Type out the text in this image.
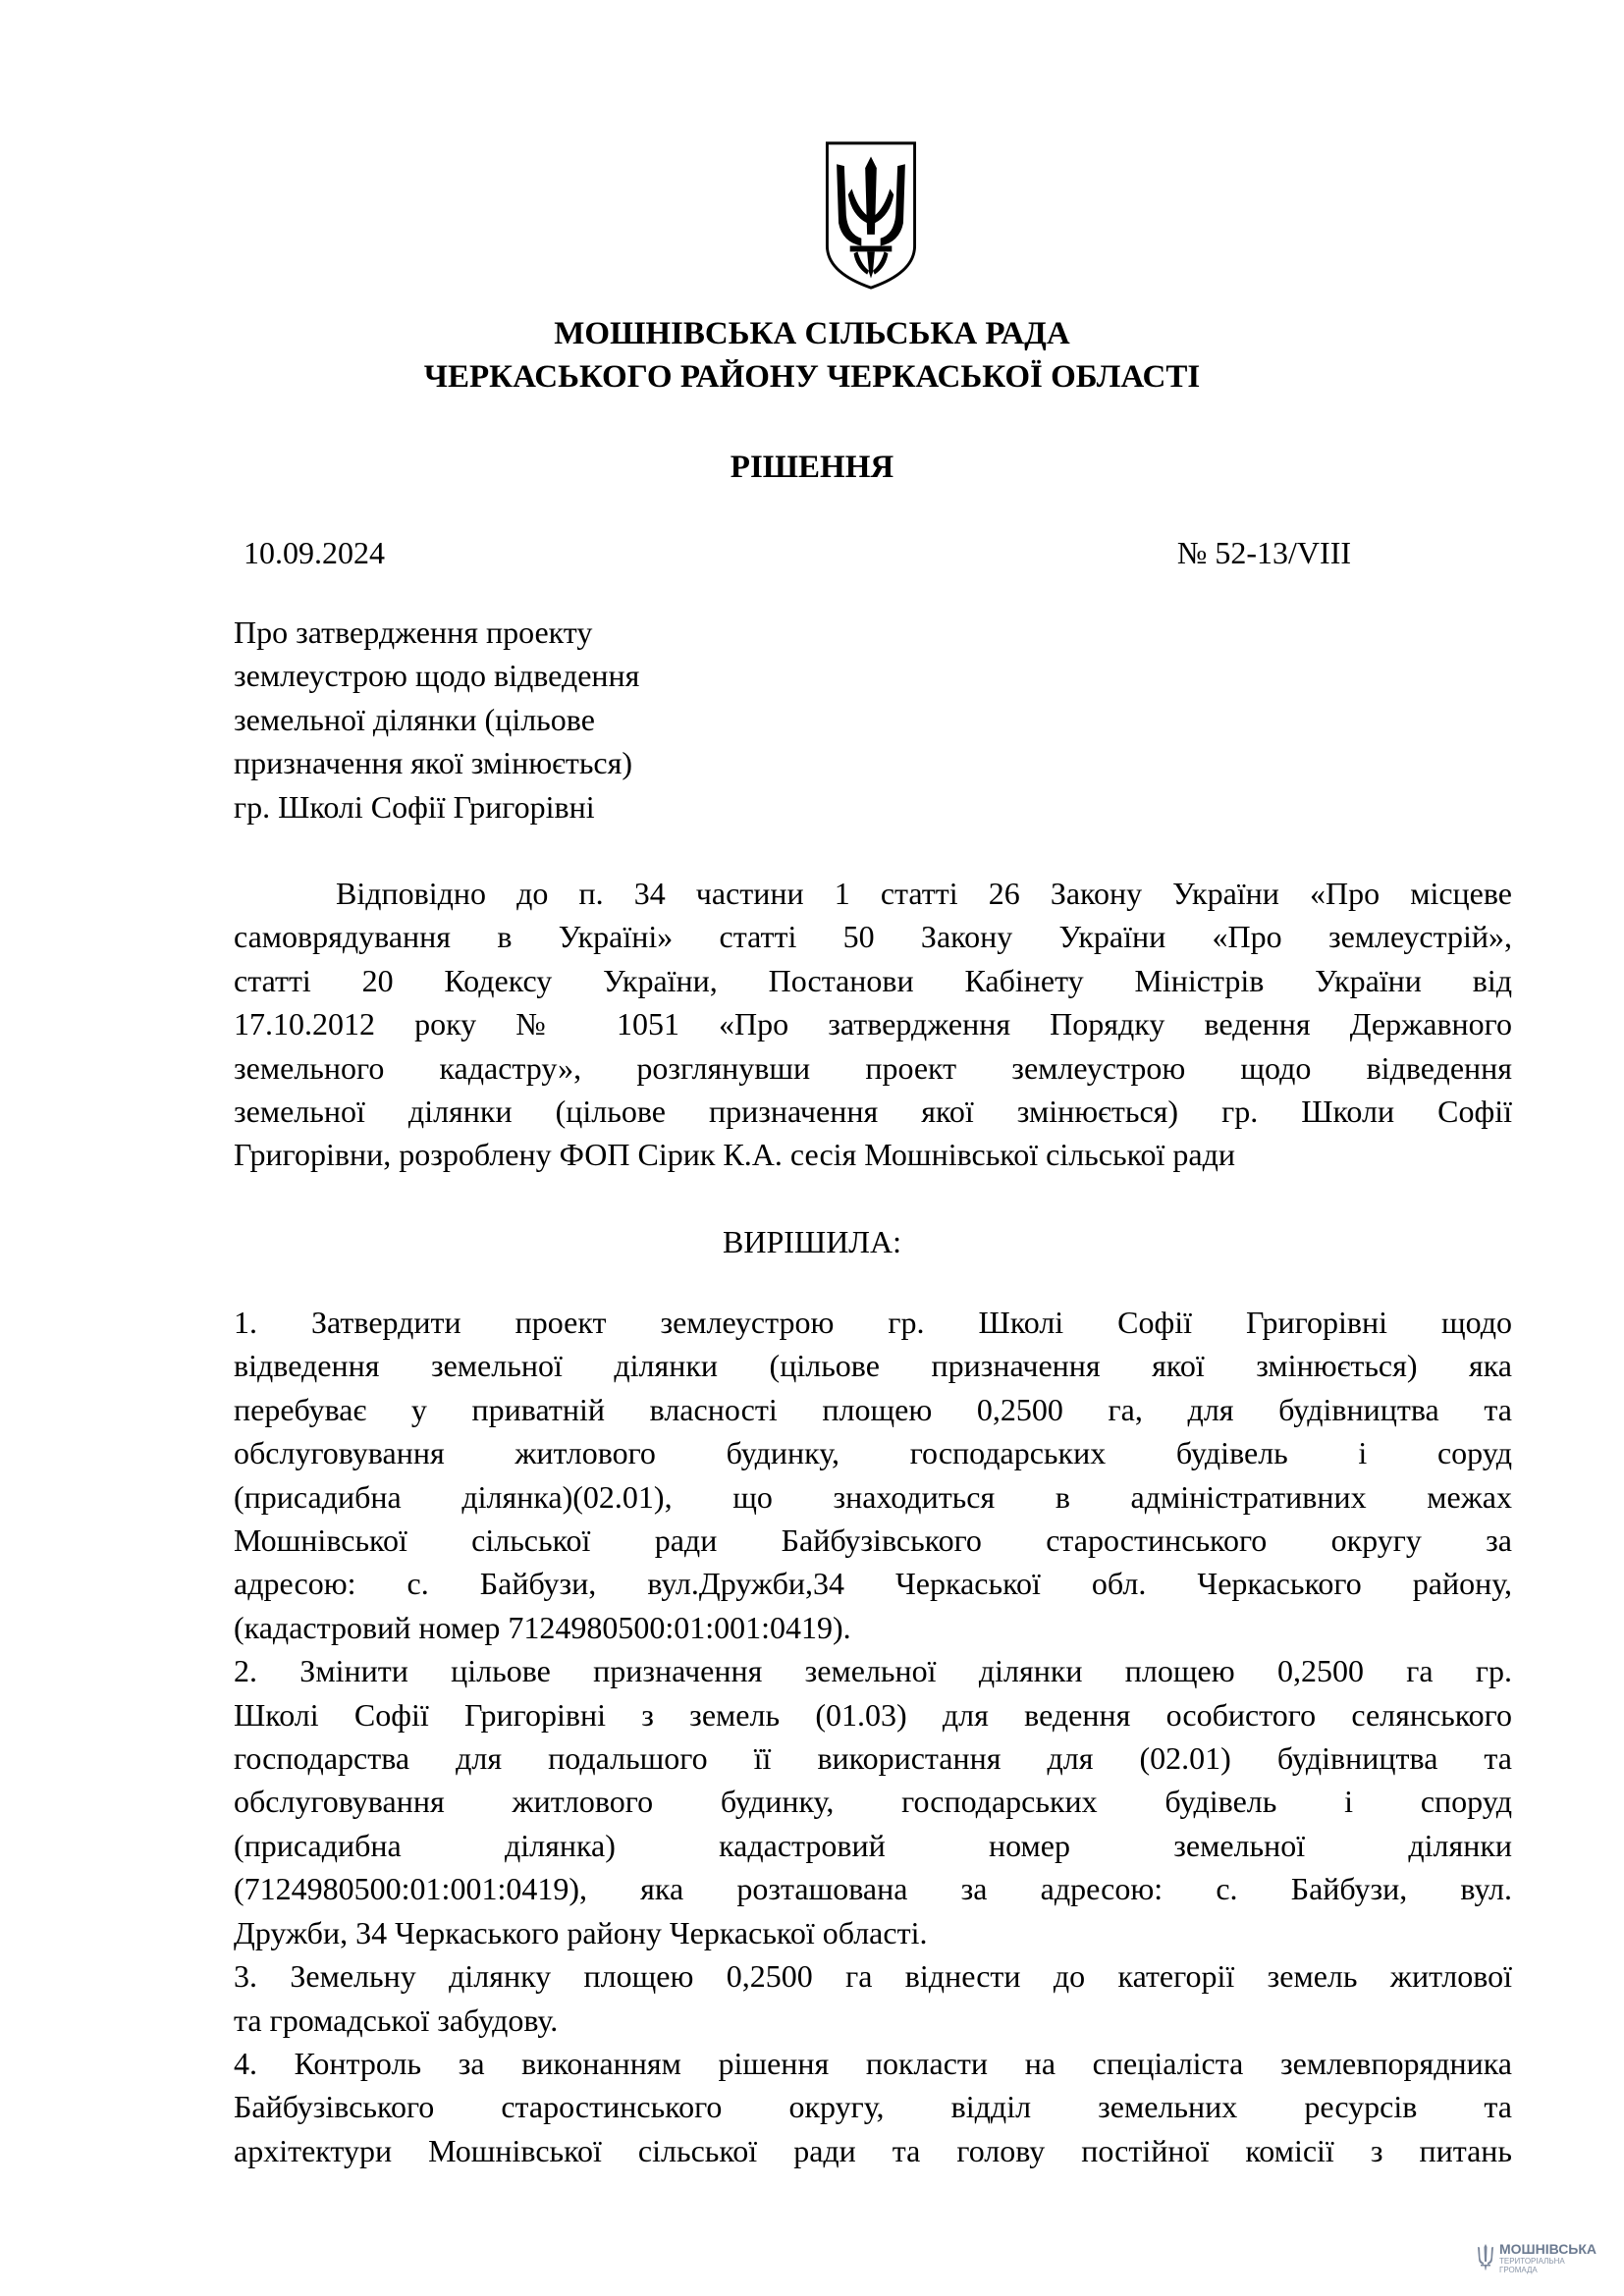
МОШНІВСЬКА СІЛЬСЬКА РАДА

ЧЕРКАСЬКОГО РАЙОНУ ЧЕРКАСЬКОЇ ОБЛАСТІ

РІШЕННЯ

10.09.2024	№ 52-13/VIII

Про затвердження проекту
землеустрою щодо відведення
земельної ділянки (цільове
призначення якої змінюється)
гр. Школі Софії Григорівні
Відповідно до п. 34 частини 1 статті 26 Закону України «Про місцеве
самоврядування в Україні» статті 50 Закону України «Про землеустрій»,
статті 20 Кодексу України, Постанови Кабінету Міністрів України від
17.10.2012 року № 1051 «Про затвердження Порядку ведення Державного
земельного кадастру», розглянувши проект землеустрою щодо відведення
земельної ділянки (цільове призначення якої змінюється) гр. Школи Софії
Григорівни, розроблену ФОП Сірик К.А. сесія Мошнівської сільської ради

ВИРІШИЛА:

1. Затвердити проект землеустрою гр. Школі Софії Григорівні щодо
відведення земельної ділянки (цільове призначення якої змінюється) яка
перебуває у приватній власності площею 0,2500 га, для будівництва та
обслуговування житлового будинку, господарських будівель і соруд
(присадибна ділянка)(02.01), що знаходиться в адміністративних межах
Мошнівської сільської ради Байбузівського старостинського округу за
адресою: с. Байбузи, вул.Дружби,34 Черкаської обл. Черкаського району,
(кадастровий номер 7124980500:01:001:0419).
2. Змінити цільове призначення земельної ділянки площею 0,2500 га гр.
Школі Софії Григорівні з земель (01.03) для ведення особистого селянського
господарства для подальшого її використання для (02.01) будівництва та
обслуговування житлового будинку, господарських будівель і споруд
(присадибна ділянка) кадастровий номер земельної ділянки
(7124980500:01:001:0419), яка розташована за адресою: с. Байбузи, вул.
Дружби, 34 Черкаського району Черкаської області.
3. Земельну ділянку площею 0,2500 га віднести до категорії земель житлової
та громадської забудову.
4. Контроль за виконанням рішення покласти на спеціаліста землевпорядника
Байбузівського старостинського округу, відділ земельних ресурсів та
архітектури Мошнівської сільської ради та голову постійної комісії з питань
МОШНІВСЬКА
ТЕРИТОРІАЛЬНА
ГРОМАДА
